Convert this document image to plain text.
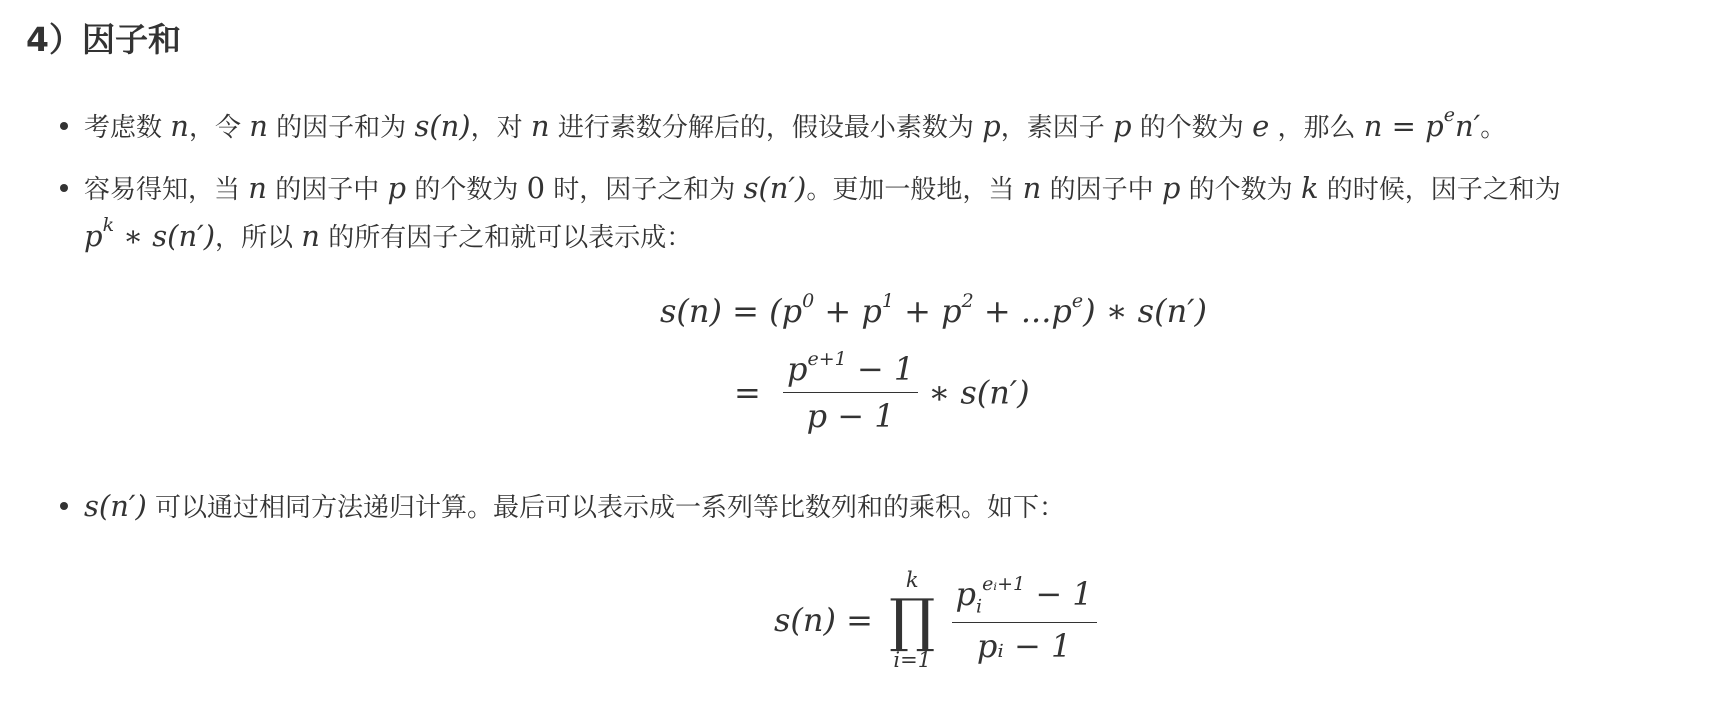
4）因子和
考虑数 n，令 n 的因子和为 s(n)，对 n 进行素数分解后的，假设最小素数为 p，素因子 p 的个数为 e ，那么 $n = p^en'$。
容易得知，当 n 的因子中 p 的个数为 0 时，因子之和为 s(n′)。更加一般地，当 n 的因子中 p 的个数为 k 的时候，因子之和为
$p^k$ ∗ s(n′)，所以 n 的所有因子之和就可以表示成：
$s(n) = (p^0 + p^1 + p^2 + ...p^e)$ ∗ s(n′)
= $\frac{p^{e+1} - 1}{p - 1}$ ∗ s(n′)
s(n′) 可以通过相同方法递归计算。最后可以表示成一系列等比数列和的乘积。如下：
s(n) =
k
∏
i=1
$\frac{p_i^{eᵢ+1} - 1}{\text{pᵢ − 1}}$
